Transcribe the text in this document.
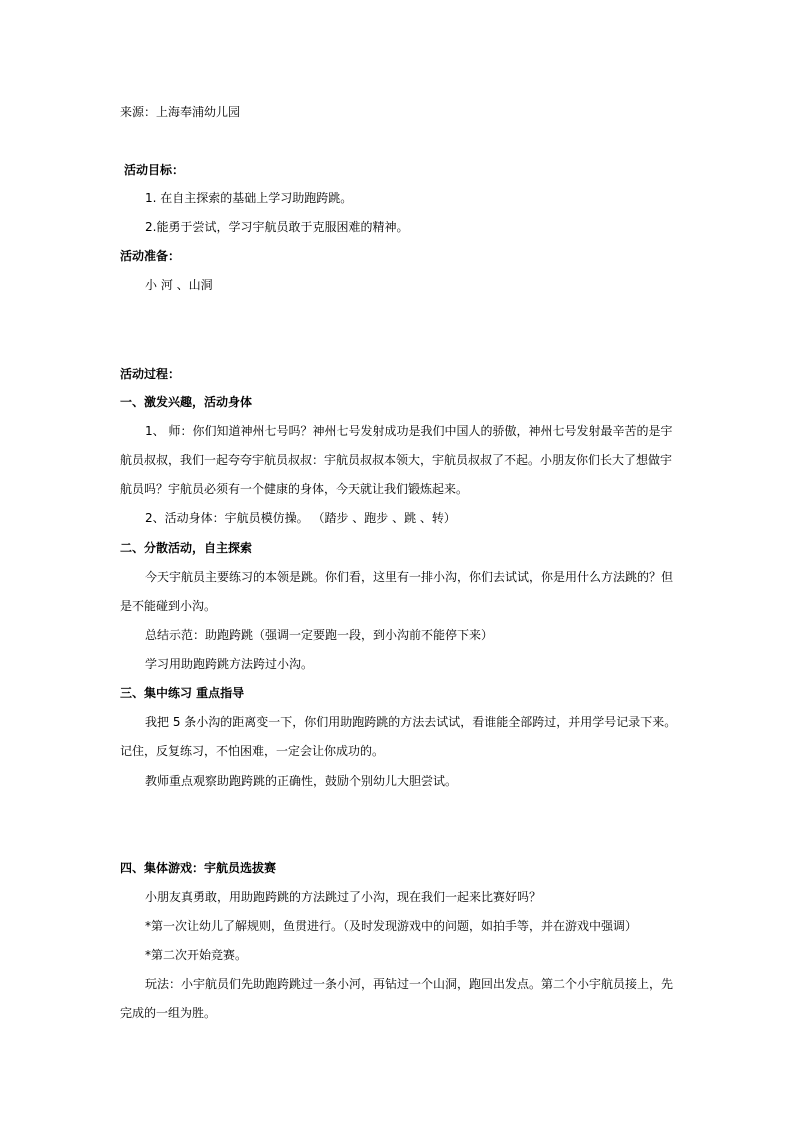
来源：上海奉浦幼儿园
活动目标：
1. 在自主探索的基础上学习助跑跨跳。
2.能勇于尝试，学习宇航员敢于克服困难的精神。
活动准备：
小 河 、山洞
活动过程：
一、激发兴趣，活动身体
1、 师：你们知道神州七号吗？神州七号发射成功是我们中国人的骄傲，神州七号发射最辛苦的是宇
航员叔叔，我们一起夸夸宇航员叔叔：宇航员叔叔本领大，宇航员叔叔了不起。小朋友你们长大了想做宇
航员吗？宇航员必须有一个健康的身体，今天就让我们锻炼起来。
2、活动身体：宇航员模仿操。 （踏步 、跑步 、跳 、转）
二、分散活动，自主探索
今天宇航员主要练习的本领是跳。你们看，这里有一排小沟，你们去试试，你是用什么方法跳的？但
是不能碰到小沟。
总结示范：助跑跨跳（强调一定要跑一段，到小沟前不能停下来）
学习用助跑跨跳方法跨过小沟。
三、集中练习 重点指导
我把 5 条小沟的距离变一下，你们用助跑跨跳的方法去试试，看谁能全部跨过，并用学号记录下来。
记住，反复练习，不怕困难，一定会让你成功的。
教师重点观察助跑跨跳的正确性，鼓励个别幼儿大胆尝试。
四、集体游戏：宇航员选拔赛
小朋友真勇敢，用助跑跨跳的方法跳过了小沟，现在我们一起来比赛好吗？
*第一次让幼儿了解规则，鱼贯进行。（及时发现游戏中的问题，如拍手等，并在游戏中强调）
*第二次开始竞赛。
玩法：小宇航员们先助跑跨跳过一条小河，再钻过一个山洞，跑回出发点。第二个小宇航员接上，先
完成的一组为胜。
